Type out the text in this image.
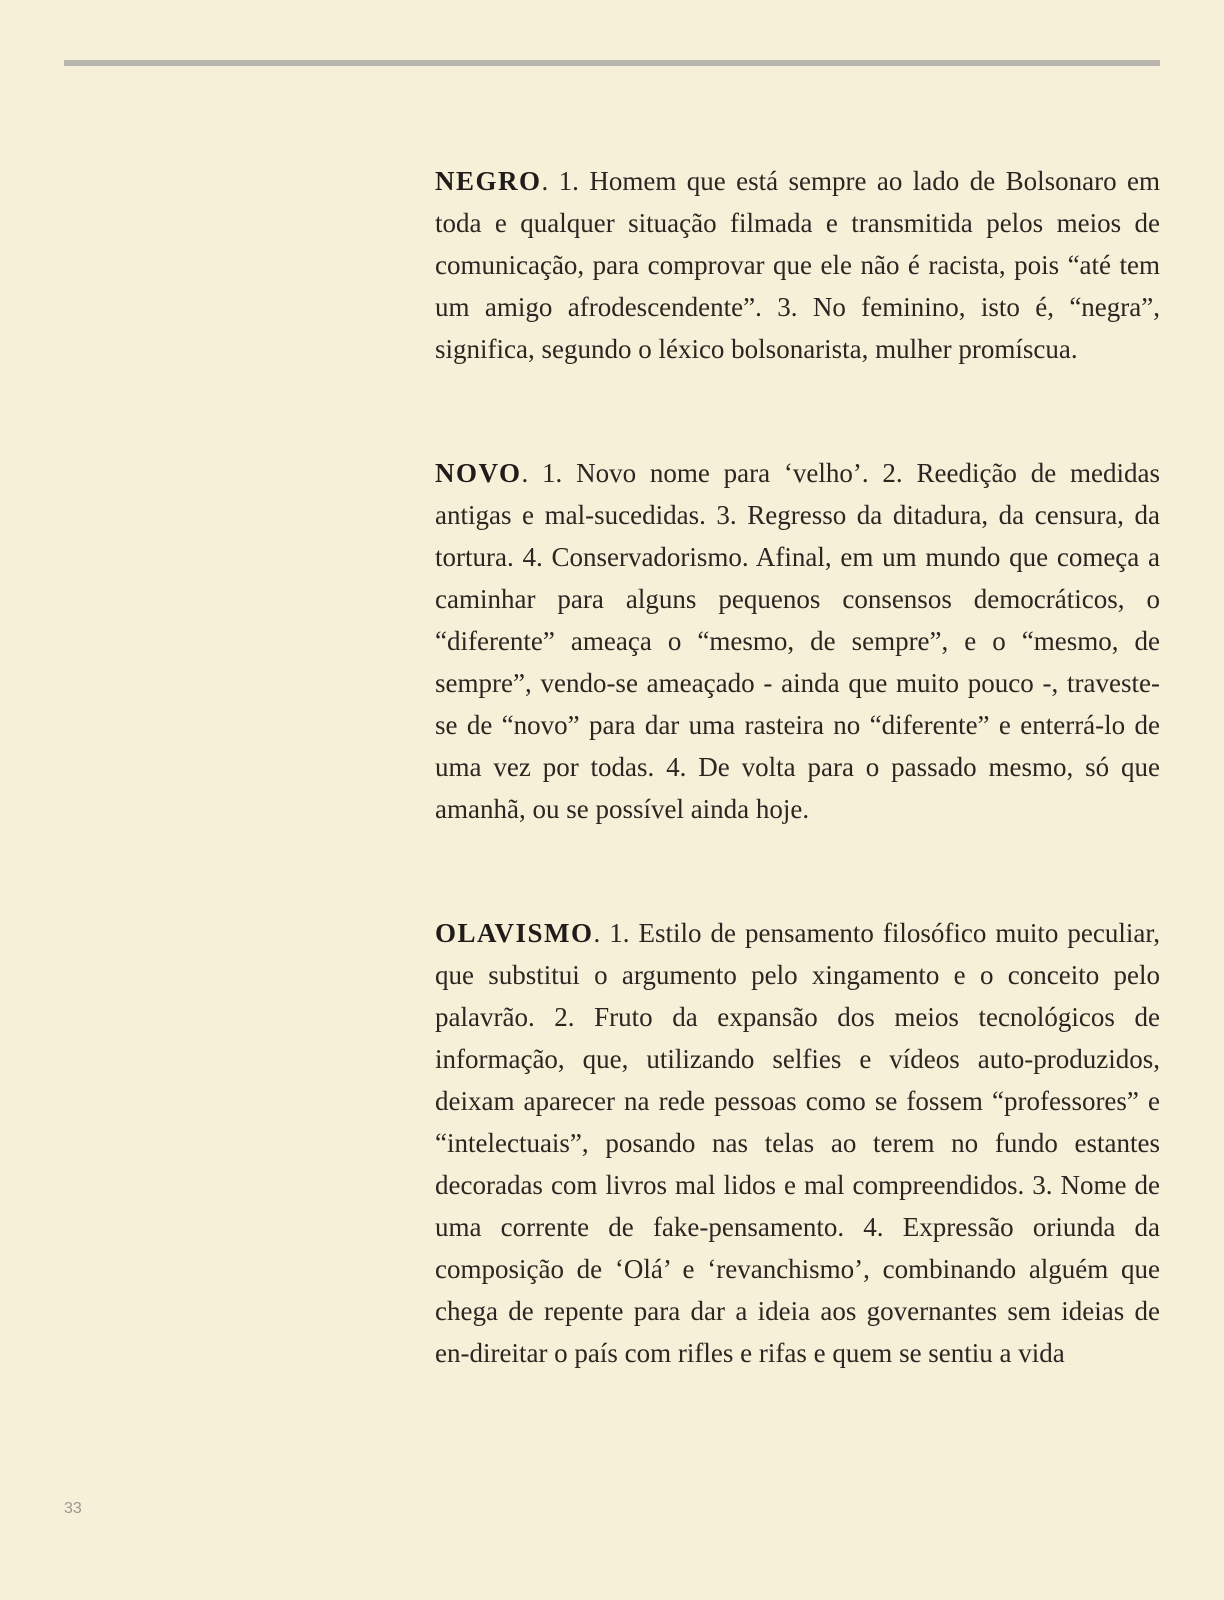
NEGRO. 1. Homem que está sempre ao lado de Bolsonaro em toda e qualquer situação filmada e transmitida pelos meios de comunicação, para comprovar que ele não é racista, pois “até tem um amigo afrodescendente”. 3. No feminino, isto é, “negra”, significa, segundo o léxico bolsonarista, mulher promíscua.

NOVO. 1. Novo nome para ‘velho’. 2. Reedição de medidas antigas e mal-sucedidas. 3. Regresso da ditadura, da censura, da tortura. 4. Conservadorismo. Afinal, em um mundo que começa a caminhar para alguns pequenos consensos democráticos, o “diferente” ameaça o “mesmo, de sempre”, e o “mesmo, de sempre”, vendo-se ameaçado - ainda que muito pouco -, traveste-se de “novo” para dar uma rasteira no “diferente” e enterrá-lo de uma vez por todas. 4. De volta para o passado mesmo, só que amanhã, ou se possível ainda hoje.

OLAVISMO. 1. Estilo de pensamento filosófico muito peculiar, que substitui o argumento pelo xingamento e o conceito pelo palavrão. 2. Fruto da expansão dos meios tecnológicos de informação, que, utilizando selfies e vídeos auto-produzidos, deixam aparecer na rede pessoas como se fossem “professores” e “intelectuais”, posando nas telas ao terem no fundo estantes decoradas com livros mal lidos e mal compreendidos. 3. Nome de uma corrente de fake-pensamento. 4. Expressão oriunda da composição de ‘Olá’ e ‘revanchismo’, combinando alguém que chega de repente para dar a ideia aos governantes sem ideias de en-direitar o país com rifles e rifas e quem se sentiu a vida

33
